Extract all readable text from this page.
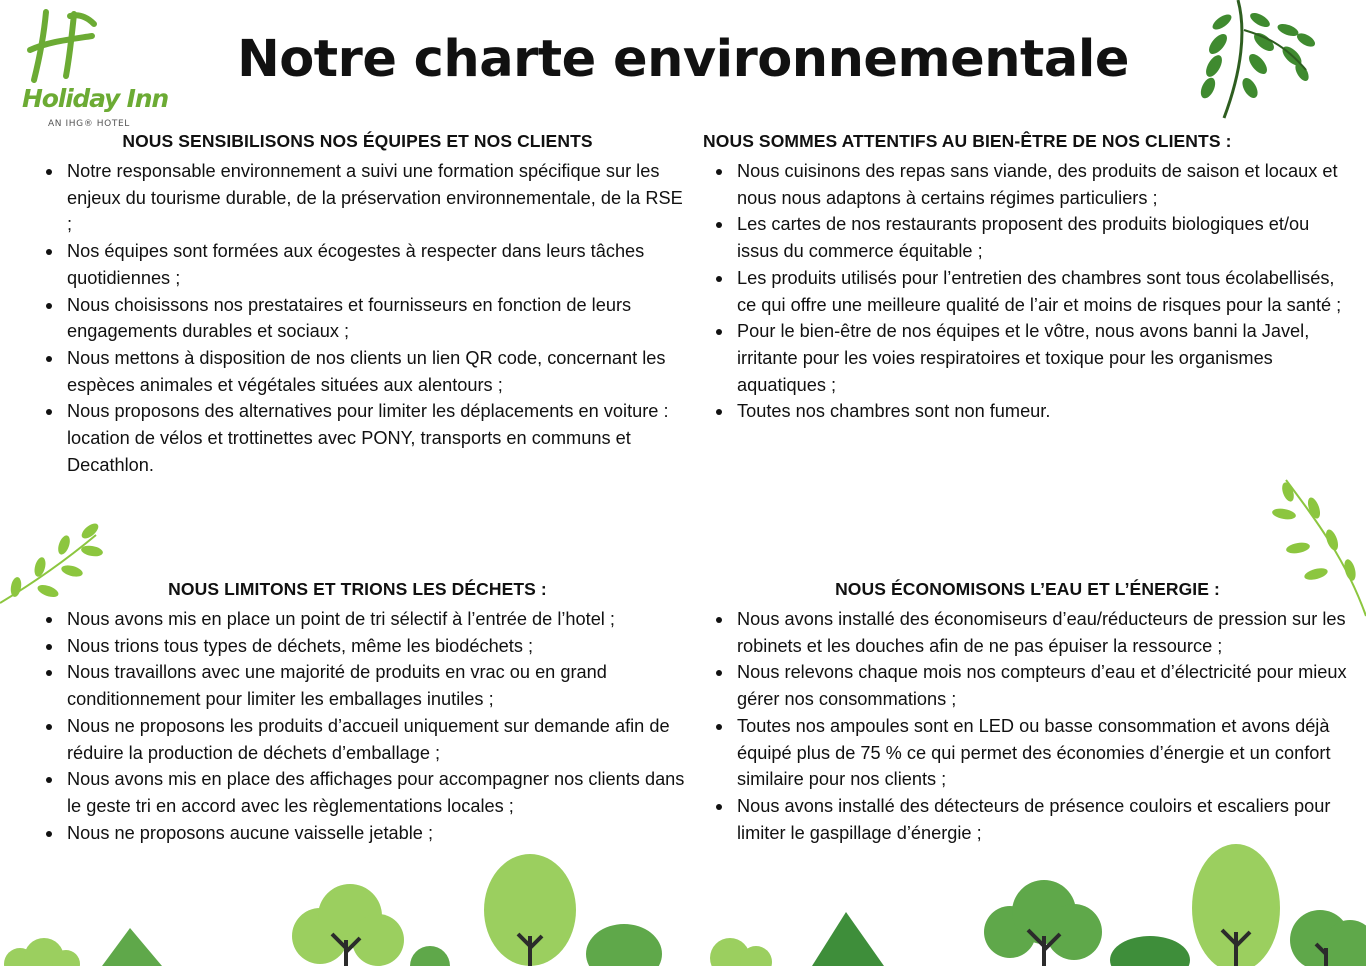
Holiday Inn
AN IHG® HOTEL
Notre charte environnementale
NOUS SENSIBILISONS NOS ÉQUIPES ET NOS CLIENTS
Notre responsable environnement a suivi une formation spécifique sur les enjeux du tourisme durable, de la préservation environnementale, de la RSE ;
Nos équipes sont formées aux écogestes à respecter dans leurs tâches quotidiennes ;
Nous choisissons nos prestataires et fournisseurs en fonction de leurs engagements durables et sociaux ;
Nous mettons à disposition de nos clients un lien QR code, concernant les espèces animales et végétales situées aux alentours ;
Nous proposons des alternatives pour limiter les déplacements en voiture : location de vélos et trottinettes avec PONY, transports en communs et Decathlon.
NOUS SOMMES ATTENTIFS AU BIEN-ÊTRE DE NOS CLIENTS :
Nous cuisinons des repas sans viande, des produits de saison et locaux et nous nous adaptons à certains régimes particuliers ;
Les cartes de nos restaurants proposent des produits biologiques et/ou issus du commerce équitable ;
Les produits utilisés pour l’entretien des chambres sont tous écolabellisés, ce qui offre une meilleure qualité de l’air et moins de risques pour la santé ;
Pour le bien-être de nos équipes et le vôtre, nous avons banni la Javel, irritante pour les voies respiratoires et toxique pour les organismes aquatiques ;
Toutes nos chambres sont non fumeur.
NOUS LIMITONS ET TRIONS LES DÉCHETS :
Nous avons mis en place un point de tri sélectif à l’entrée de l’hotel ;
Nous trions tous types de déchets, même les biodéchets ;
Nous travaillons avec une majorité de produits en vrac ou en grand conditionnement pour limiter les emballages inutiles ;
Nous ne proposons les produits d’accueil uniquement sur demande afin de réduire la production de déchets d’emballage ;
Nous avons mis en place des affichages pour accompagner nos clients dans le geste tri en accord avec les règlementations locales ;
Nous ne proposons aucune vaisselle jetable ;
NOUS ÉCONOMISONS L’EAU ET L’ÉNERGIE :
Nous avons installé des économiseurs d’eau/réducteurs de pression sur les robinets et les douches afin de ne pas épuiser la ressource ;
Nous relevons chaque mois nos compteurs d’eau et d’électricité pour mieux gérer nos consommations ;
Toutes nos ampoules sont en LED ou basse consommation et avons déjà équipé plus de 75 % ce qui permet des économies d’énergie et un confort similaire pour nos clients ;
Nous avons installé des détecteurs de présence couloirs et escaliers pour limiter le gaspillage d’énergie ;
